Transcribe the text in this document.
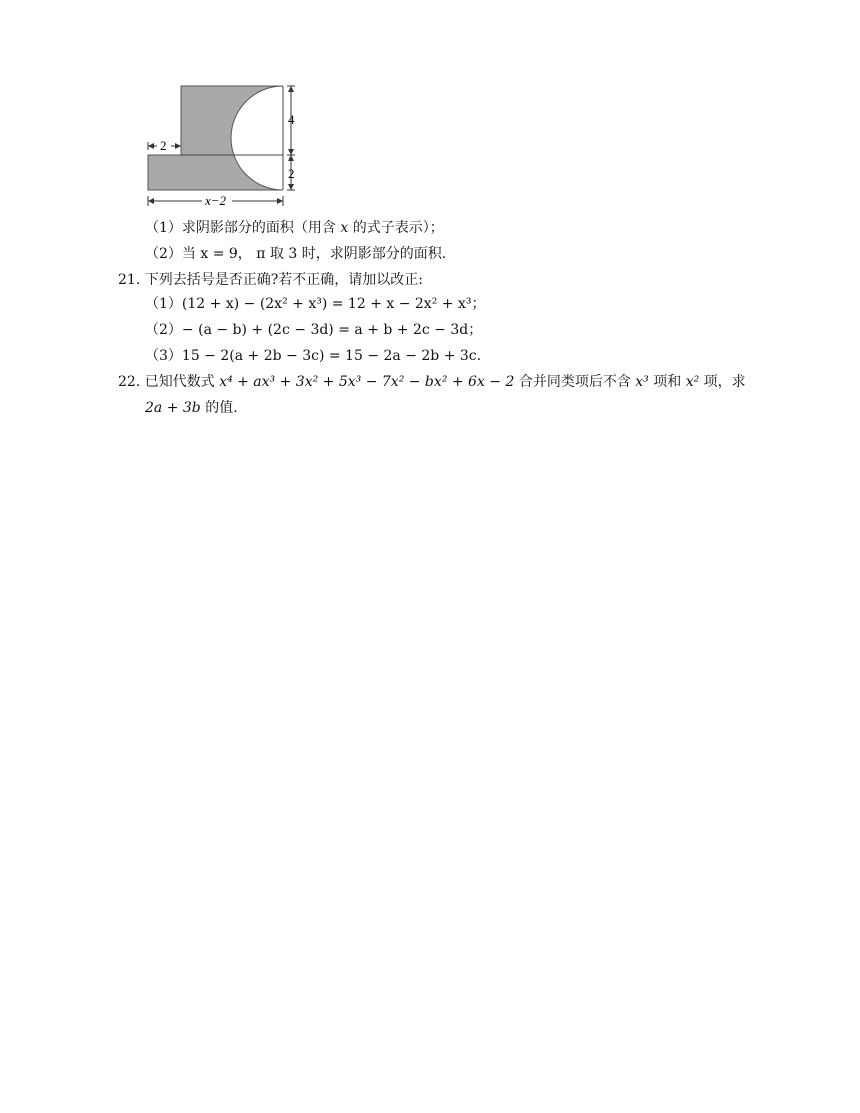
4
2
2
x−2
（1）求阴影部分的面积（用含 x 的式子表示）；
（2）当 x = 9， π 取 3 时，求阴影部分的面积.
21. 下列去括号是否正确?若不正确，请加以改正:
（1）(12 + x) − (2x² + x³) = 12 + x − 2x² + x³；
（2）− (a − b) + (2c − 3d) = a + b + 2c − 3d；
（3）15 − 2(a + 2b − 3c) = 15 − 2a − 2b + 3c.
22. 已知代数式 x⁴ + ax³ + 3x² + 5x³ − 7x² − bx² + 6x − 2 合并同类项后不含 x³ 项和 x² 项，求
2a + 3b 的值.
